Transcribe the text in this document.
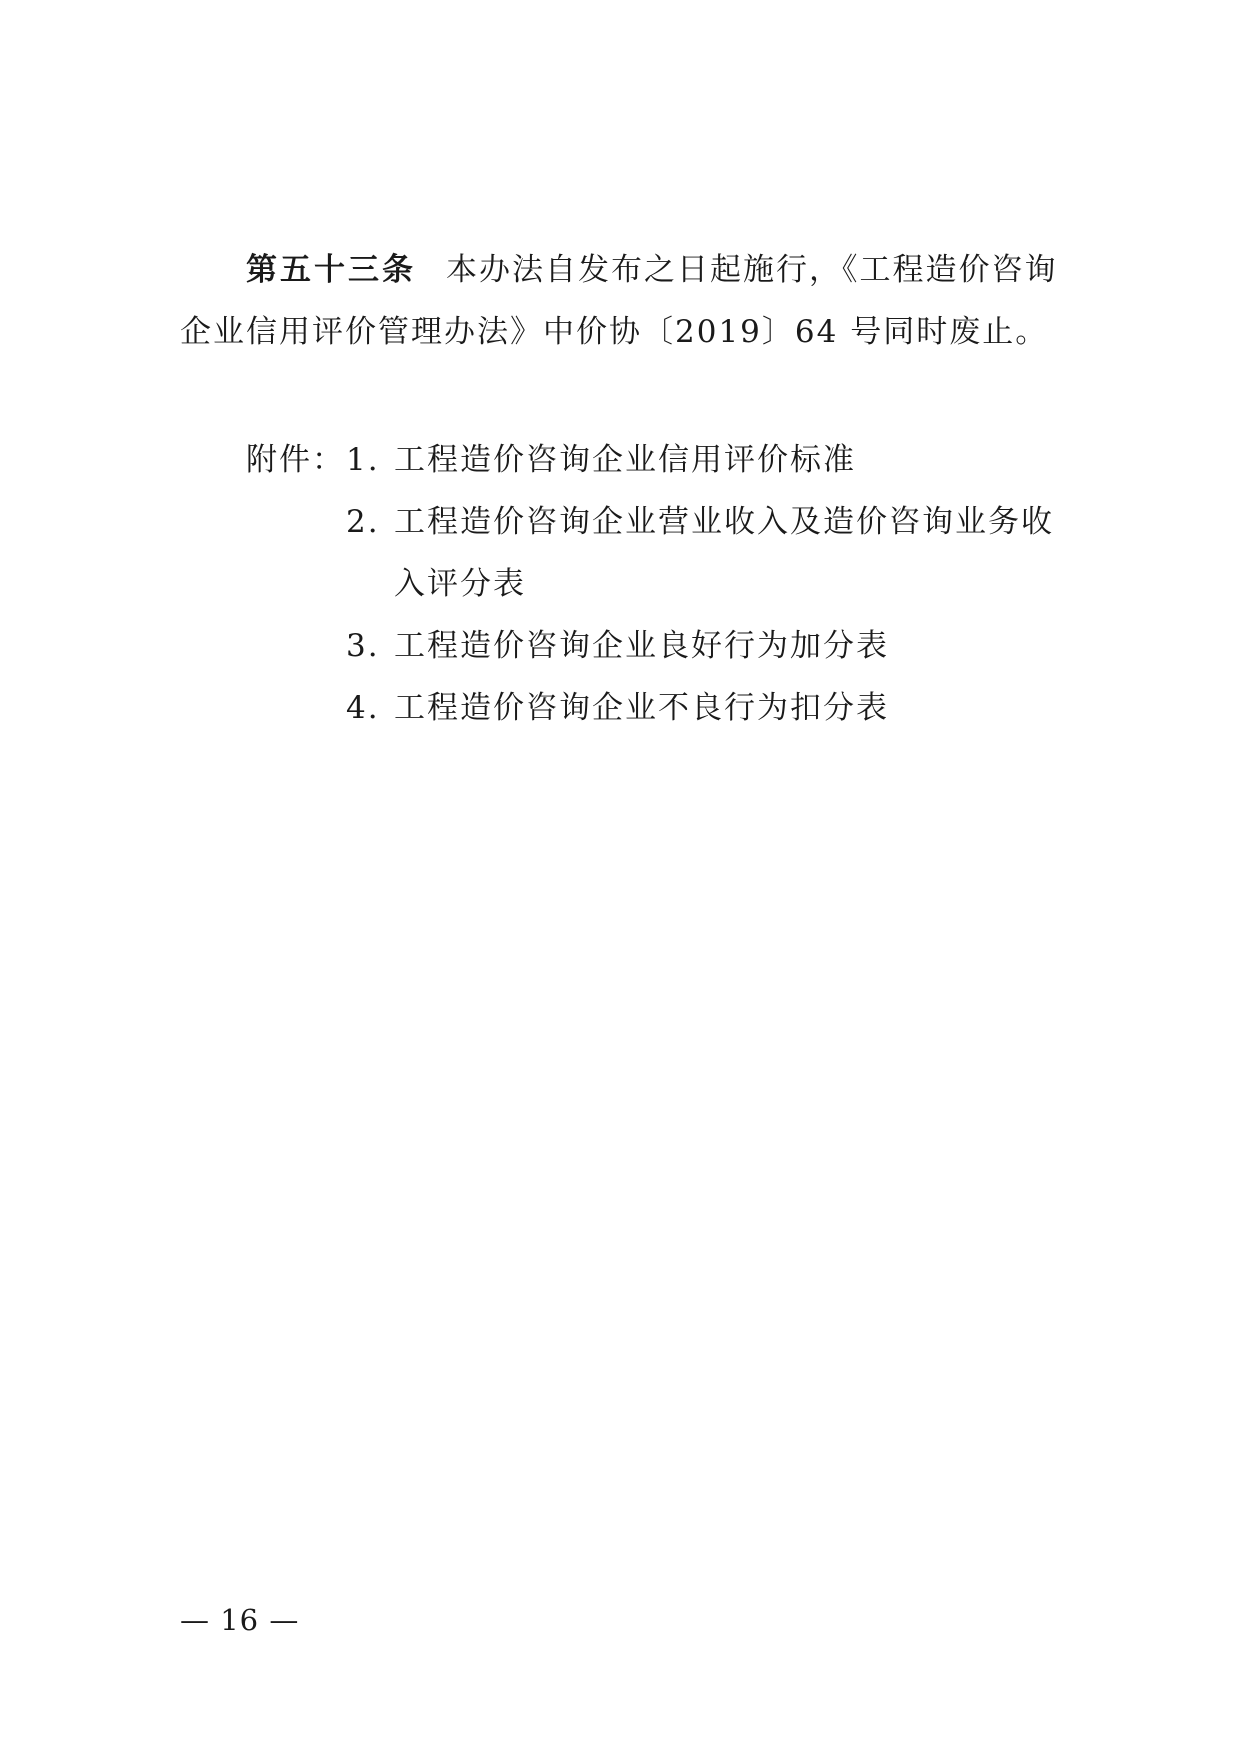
第五十三条 本办法自发布之日起施行，《工程造价咨询
企业信用评价管理办法》中价协〔2019〕64 号同时废止。
附件： 1. 工程造价咨询企业信用评价标准
2. 工程造价咨询企业营业收入及造价咨询业务收
入评分表
3. 工程造价咨询企业良好行为加分表
4. 工程造价咨询企业不良行为扣分表
— 16 —
